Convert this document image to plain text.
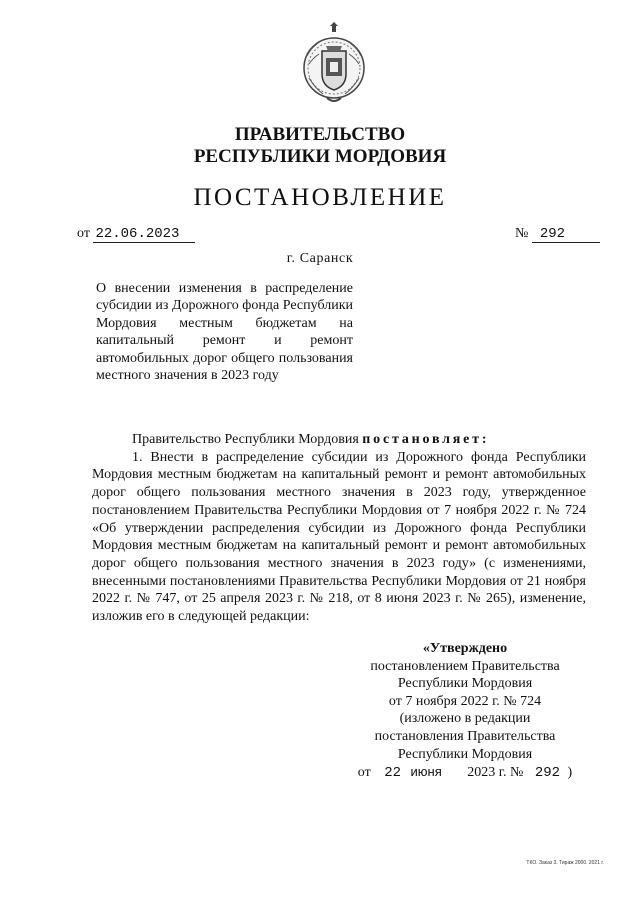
ПРАВИТЕЛЬСТВО
РЕСПУБЛИКИ МОРДОВИЯ
ПОСТАНОВЛЕНИЕ
от 22.06.2023	№ 292
г. Саранск
О внесении изменения в распределение субсидии из Дорожного фонда Республики Мордовия местным бюджетам на капитальный ремонт и ремонт автомобильных дорог общего пользования местного значения в 2023 году

Правительство Республики Мордовия постановляет:

1. Внести в распределение субсидии из Дорожного фонда Республики Мордовия местным бюджетам на капитальный ремонт и ремонт автомобильных дорог общего пользования местного значения в 2023 году, утвержденное постановлением Правительства Республики Мордовия от 7 ноября 2022 г. № 724 «Об утверждении распределения субсидии из Дорожного фонда Республики Мордовия местным бюджетам на капитальный ремонт и ремонт автомобильных дорог общего пользования местного значения в 2023 году» (с изменениями, внесенными постановлениями Правительства Республики Мордовия от 21 ноября 2022 г. № 747, от 25 апреля 2023 г. № 218, от 8 июня 2023 г. № 265), изменение, изложив его в следующей редакции:

«Утверждено
постановлением Правительства
Республики Мордовия
от 7 ноября 2022 г. № 724
(изложено в редакции
постановления Правительства
Республики Мордовия
от 22 июня 2023 г. № 292 )
ТКО. Заказ 3. Тираж 2000. 2021 г.
